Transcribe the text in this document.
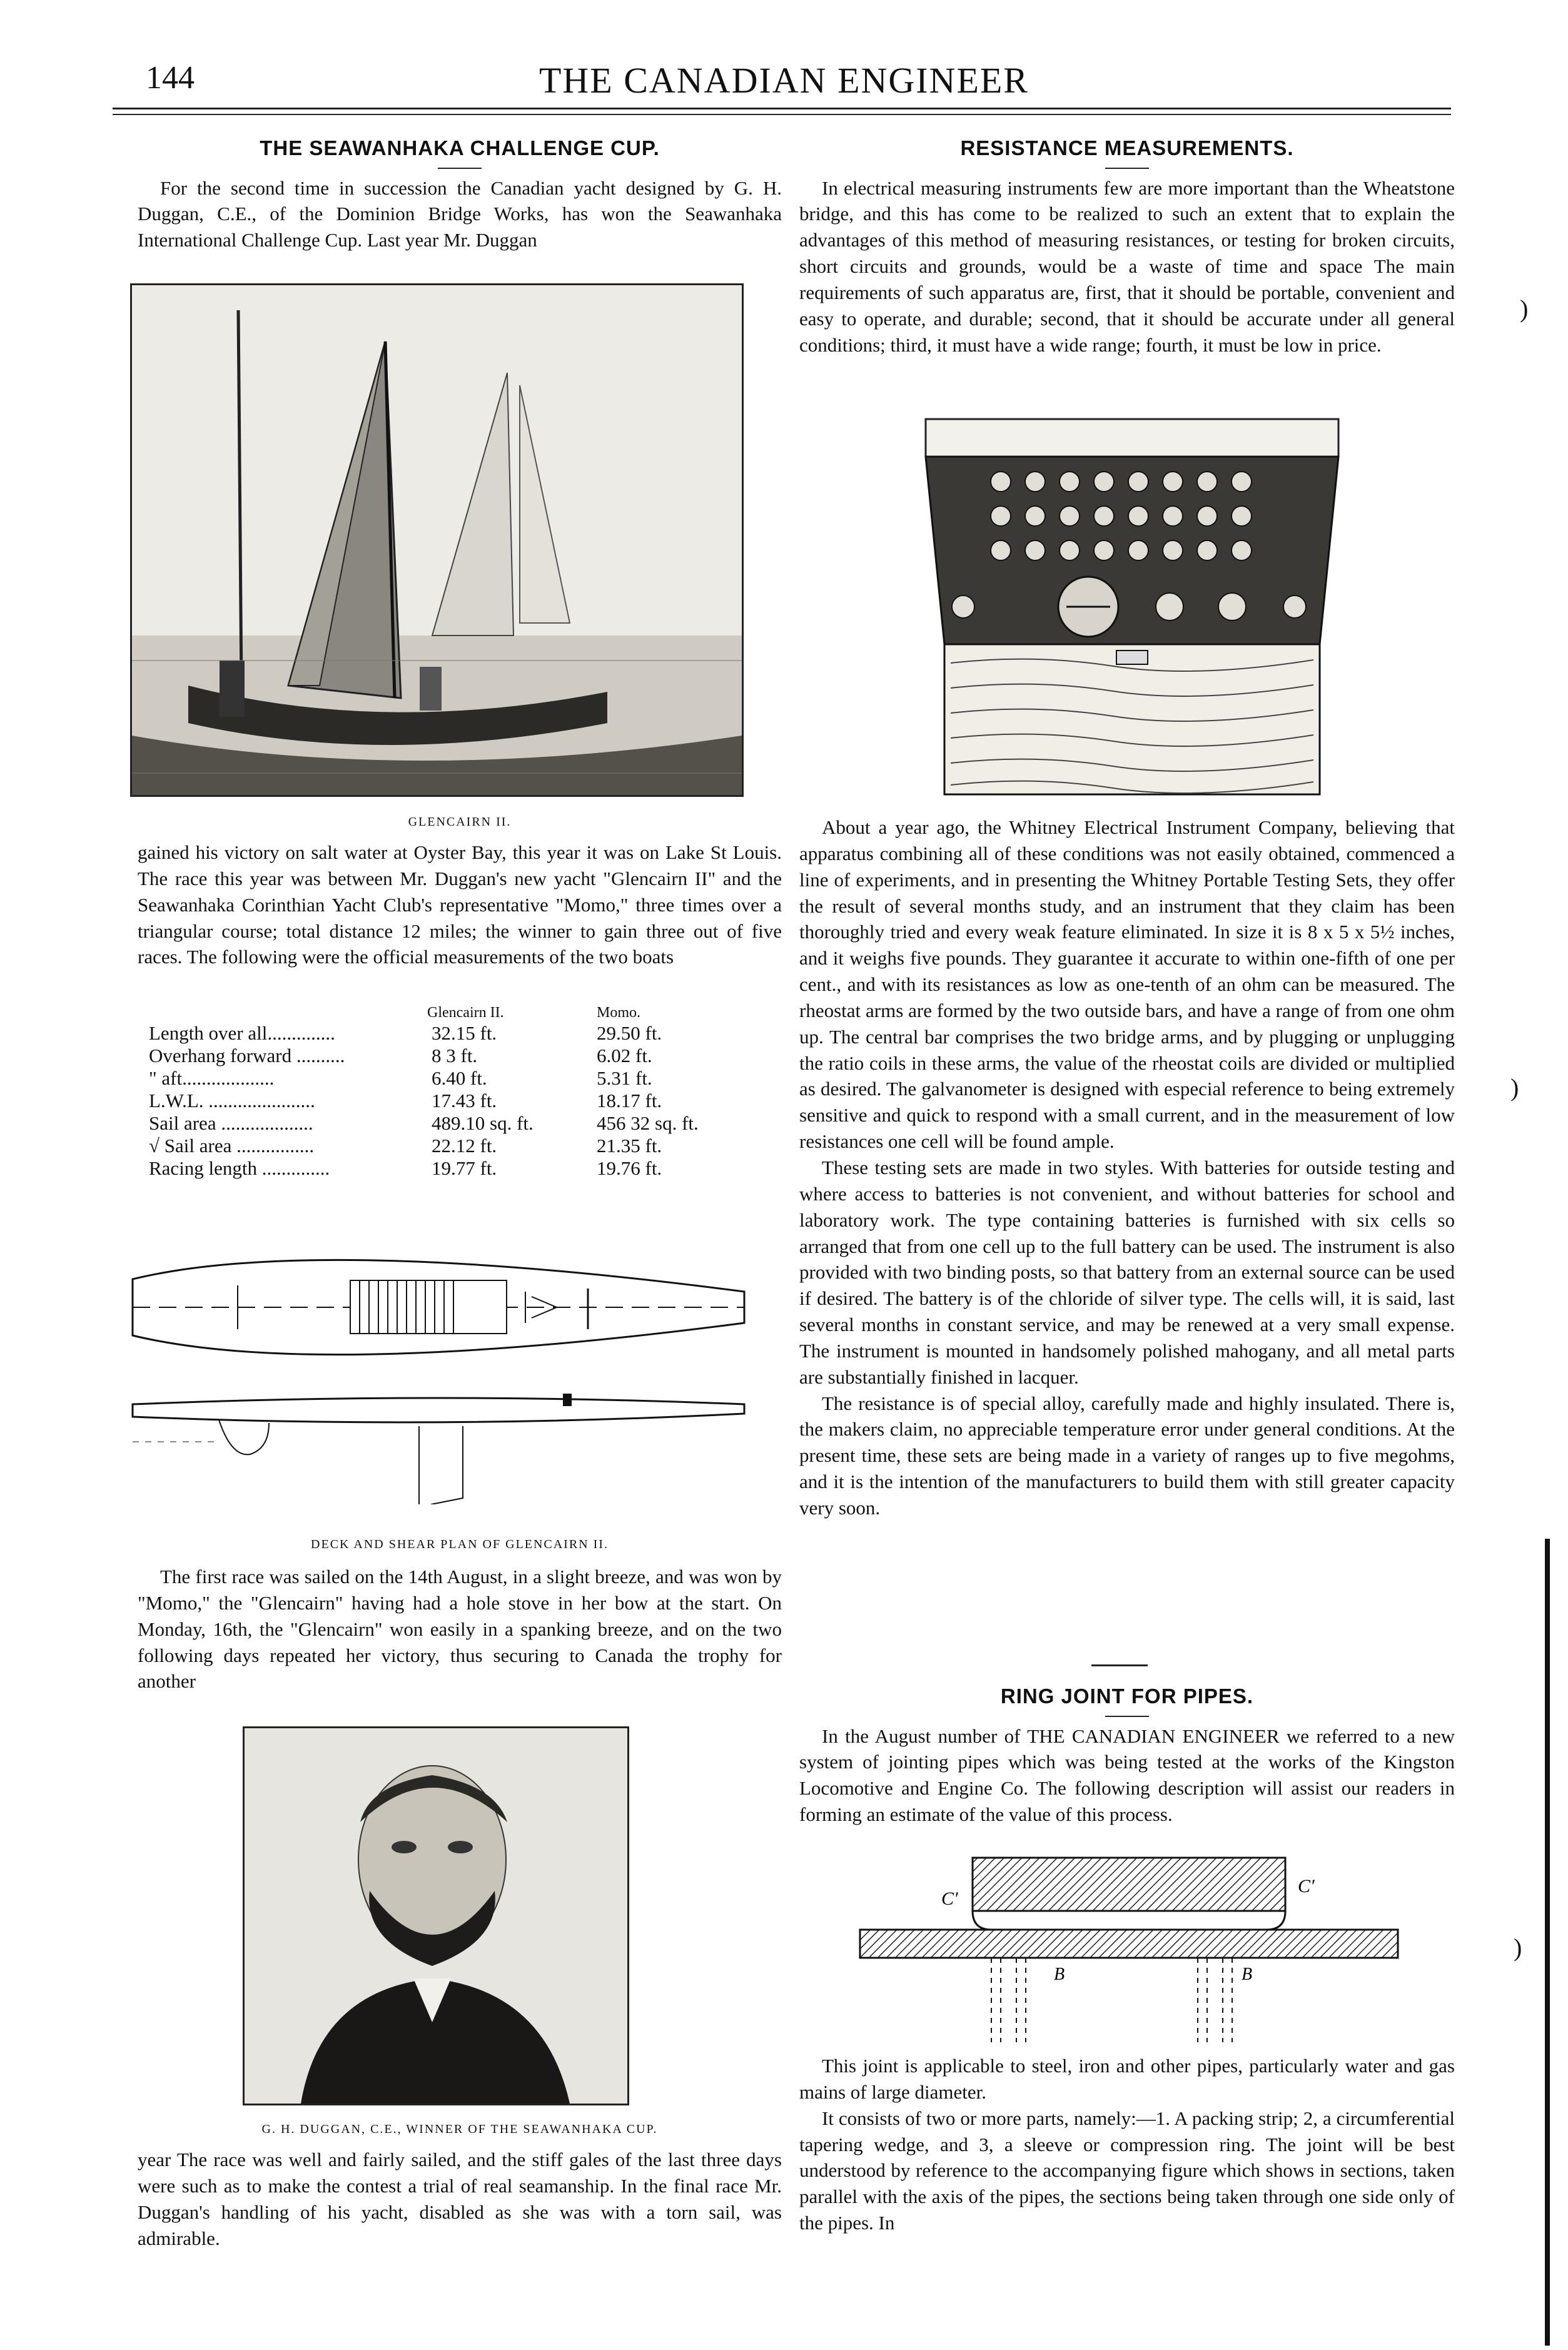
144	THE CANADIAN ENGINEER
THE SEAWANHAKA CHALLENGE CUP.

For the second time in succession the Canadian yacht designed by G. H. Duggan, C.E., of the Dominion Bridge Works, has won the Seawanhaka International Challenge Cup. Last year Mr. Duggan

GLENCAIRN II.

gained his victory on salt water at Oyster Bay, this year it was on Lake St Louis. The race this year was between Mr. Duggan's new yacht "Glencairn II" and the Seawanhaka Corinthian Yacht Club's representative "Momo," three times over a triangular course; total distance 12 miles; the winner to gain three out of five races. The following were the official measurements of the two boats

	Glencairn II.	Momo.
Length over all..............	32.15 ft.	29.50 ft.
Overhang forward ..........	8 3 ft.	6.02 ft.
" aft...................	6.40 ft.	5.31 ft.
L.W.L. ......................	17.43 ft.	18.17 ft.
Sail area ...................	489.10 sq. ft.	456 32 sq. ft.
√ Sail area ................	22.12 ft.	21.35 ft.
Racing length ..............	19.77 ft.	19.76 ft.
DECK AND SHEAR PLAN OF GLENCAIRN II.

The first race was sailed on the 14th August, in a slight breeze, and was won by "Momo," the "Glencairn" having had a hole stove in her bow at the start. On Monday, 16th, the "Glencairn" won easily in a spanking breeze, and on the two following days repeated her victory, thus securing to Canada the trophy for another

G. H. DUGGAN, C.E., WINNER OF THE SEAWANHAKA CUP.

year The race was well and fairly sailed, and the stiff gales of the last three days were such as to make the contest a trial of real seamanship. In the final race Mr. Duggan's handling of his yacht, disabled as she was with a torn sail, was admirable.

RESISTANCE MEASUREMENTS.

In electrical measuring instruments few are more important than the Wheatstone bridge, and this has come to be realized to such an extent that to explain the advantages of this method of measuring resistances, or testing for broken circuits, short circuits and grounds, would be a waste of time and space The main requirements of such apparatus are, first, that it should be portable, convenient and easy to operate, and durable; second, that it should be accurate under all general conditions; third, it must have a wide range; fourth, it must be low in price.

About a year ago, the Whitney Electrical Instrument Company, believing that apparatus combining all of these conditions was not easily obtained, commenced a line of experiments, and in presenting the Whitney Portable Testing Sets, they offer the result of several months study, and an instrument that they claim has been thoroughly tried and every weak feature eliminated. In size it is 8 x 5 x 5½ inches, and it weighs five pounds. They guarantee it accurate to within one-fifth of one per cent., and with its resistances as low as one-tenth of an ohm can be measured. The rheostat arms are formed by the two outside bars, and have a range of from one ohm up. The central bar comprises the two bridge arms, and by plugging or unplugging the ratio coils in these arms, the value of the rheostat coils are divided or multiplied as desired. The galvanometer is designed with especial reference to being extremely sensitive and quick to respond with a small current, and in the measurement of low resistances one cell will be found ample.

These testing sets are made in two styles. With batteries for outside testing and where access to batteries is not convenient, and without batteries for school and laboratory work. The type containing batteries is furnished with six cells so arranged that from one cell up to the full battery can be used. The instrument is also provided with two binding posts, so that battery from an external source can be used if desired. The battery is of the chloride of silver type. The cells will, it is said, last several months in constant service, and may be renewed at a very small expense. The instrument is mounted in handsomely polished mahogany, and all metal parts are substantially finished in lacquer.

The resistance is of special alloy, carefully made and highly insulated. There is, the makers claim, no appreciable temperature error under general conditions. At the present time, these sets are being made in a variety of ranges up to five megohms, and it is the intention of the manufacturers to build them with still greater capacity very soon.

RING JOINT FOR PIPES.

In the August number of THE CANADIAN ENGINEER we referred to a new system of jointing pipes which was being tested at the works of the Kingston Locomotive and Engine Co. The following description will assist our readers in forming an estimate of the value of this process.

C'
C'
B	B

This joint is applicable to steel, iron and other pipes, particularly water and gas mains of large diameter.

It consists of two or more parts, namely:—1. A packing strip; 2, a circumferential tapering wedge, and 3, a sleeve or compression ring. The joint will be best understood by reference to the accompanying figure which shows in sections, taken parallel with the axis of the pipes, the sections being taken through one side only of the pipes. In

)
)
)
